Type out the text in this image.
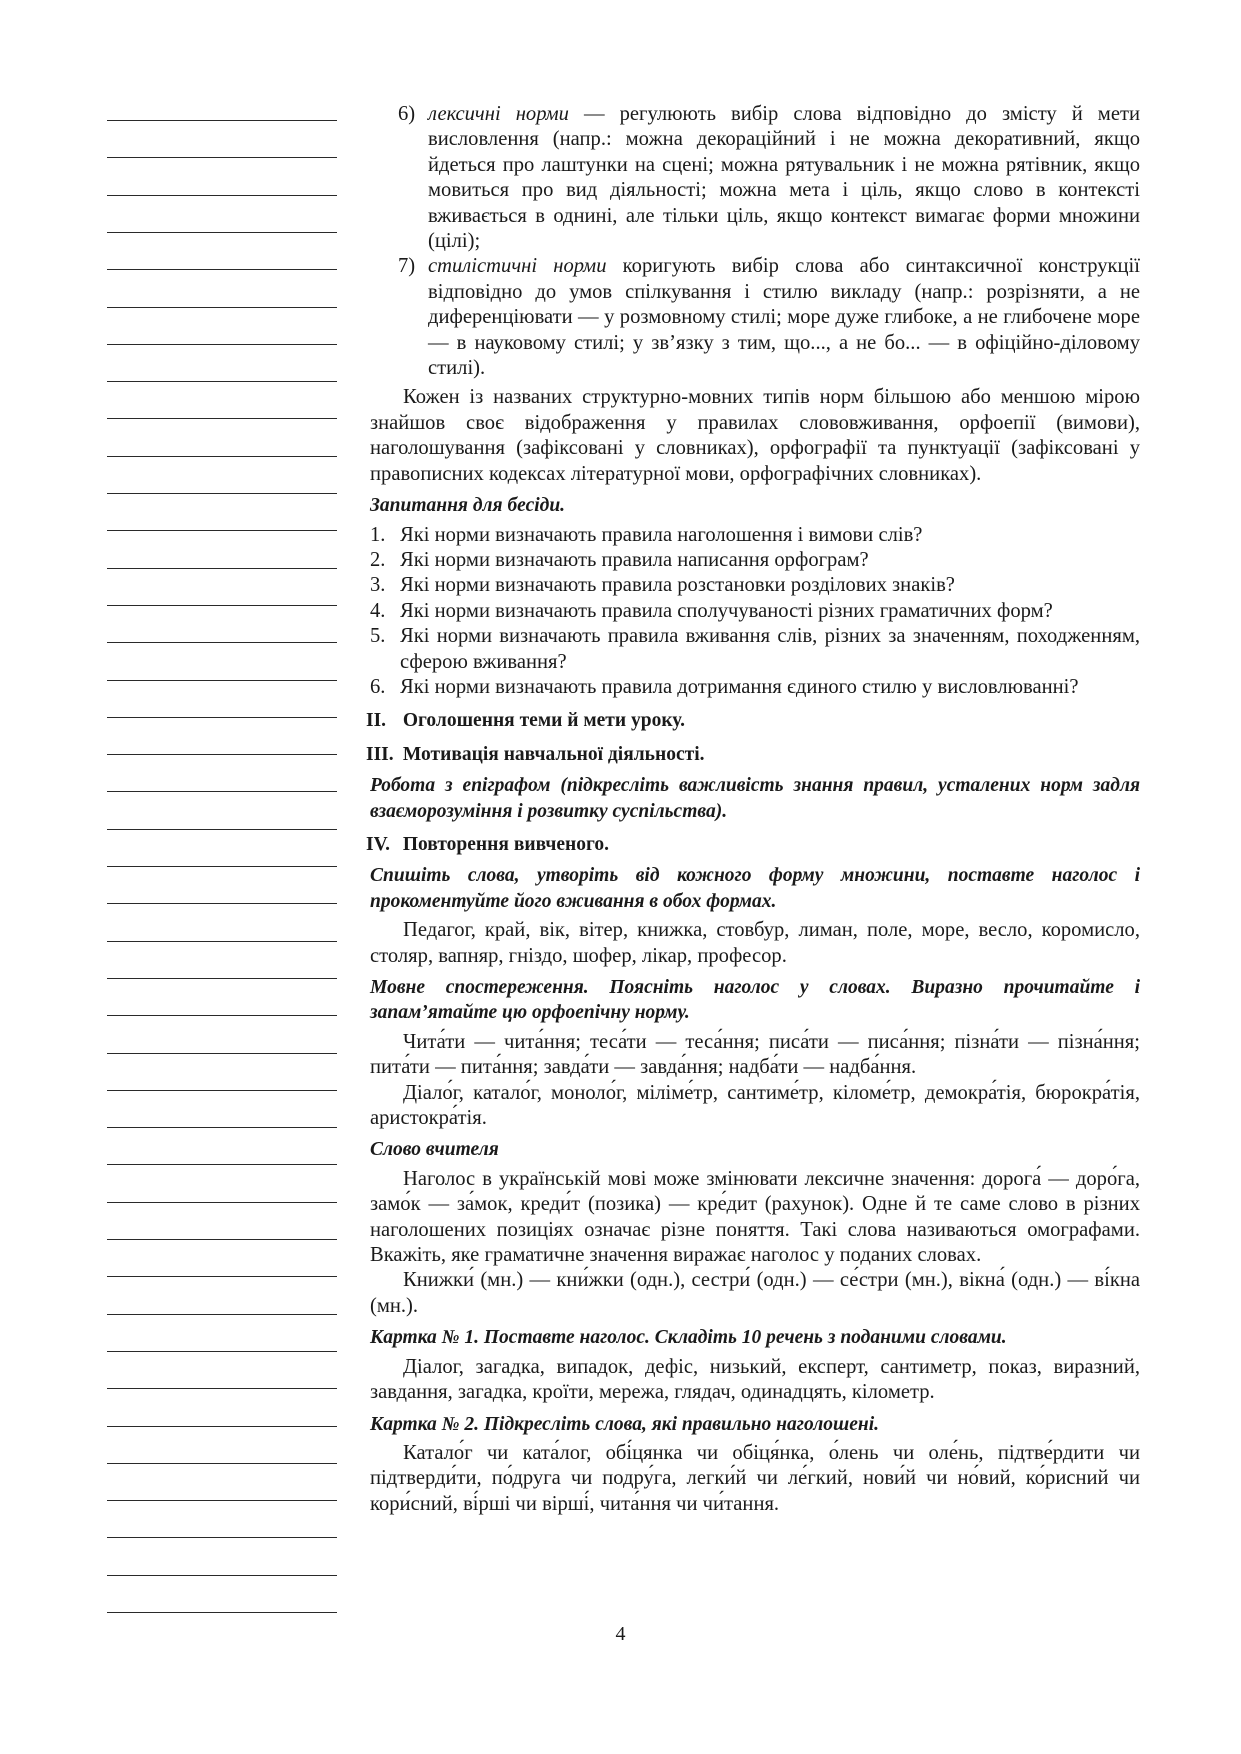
6) лексичні норми — регулюють вибір слова відповідно до змісту й мети висловлення (напр.: можна декораційний і не можна декоративний, якщо йдеться про лаштунки на сцені; можна рятувальник і не можна рятівник, якщо мовиться про вид діяльності; можна мета і ціль, якщо слово в контексті вживається в однині, але тільки ціль, якщо контекст вимагає форми множини (цілі);
7) стилістичні норми коригують вибір слова або синтаксичної конструкції відповідно до умов спілкування і стилю викладу (напр.: розрізняти, а не диференціювати — у розмовному стилі; море дуже глибоке, а не глибочене море — в науковому стилі; у зв’язку з тим, що..., а не бо... — в офіційно-діловому стилі).

Кожен із названих структурно-мовних типів норм більшою або меншою мірою знайшов своє відображення у правилах слововживання, орфоепії (вимови), наголошування (зафіксовані у словниках), орфографії та пунктуації (зафіксовані у правописних кодексах літературної мови, орфографічних словниках).

Запитання для бесіди.

1. Які норми визначають правила наголошення і вимови слів?
2. Які норми визначають правила написання орфограм?
3. Які норми визначають правила розстановки розділових знаків?
4. Які норми визначають правила сполучуваності різних граматичних форм?
5. Які норми визначають правила вживання слів, різних за значенням, походженням, сферою вживання?
6. Які норми визначають правила дотримання єдиного стилю у висловлюванні?

II. Оголошення теми й мети уроку.

III. Мотивація навчальної діяльності.

Робота з епіграфом (підкресліть важливість знання правил, усталених норм задля взаєморозуміння і розвитку суспільства).

IV. Повторення вивченого.

Спишіть слова, утворіть від кожного форму множини, поставте наголос і прокоментуйте його вживання в обох формах.

Педагог, край, вік, вітер, книжка, стовбур, лиман, поле, море, весло, коромисло, столяр, вапняр, гніздо, шофер, лікар, професор.

Мовне спостереження. Поясніть наголос у словах. Виразно прочитайте і запам’ятайте цю орфоепічну норму.

Чита́ти — чита́ння; теса́ти — теса́ння; писа́ти — писа́ння; пізна́ти — пізна́ння; пита́ти — пита́ння; завда́ти — завда́ння; надба́ти — надба́ння.

Діало́г, катало́г, моноло́г, міліме́тр, сантиме́тр, кіломе́тр, демокра́тія, бюрокра́тія, аристокра́тія.

Слово вчителя

Наголос в українській мові може змінювати лексичне значення: дорога́ — доро́га, замо́к — за́мок, креди́т (позика) — кре́дит (рахунок). Одне й те саме слово в різних наголошених позиціях означає різне поняття. Такі слова називаються омографами. Вкажіть, яке граматичне значення виражає наголос у поданих словах.

Книжки́ (мн.) — кни́жки (одн.), сестри́ (одн.) — се́стри (мн.), вікна́ (одн.) — ві́кна (мн.).

Картка № 1. Поставте наголос. Складіть 10 речень з поданими словами.

Діалог, загадка, випадок, дефіс, низький, експерт, сантиметр, показ, виразний, завдання, загадка, кроїти, мережа, глядач, одинадцять, кілометр.

Картка № 2. Підкресліть слова, які правильно наголошені.

Катало́г чи ката́лог, обі́цянка чи обіця́нка, о́лень чи оле́нь, підтве́рдити чи підтверди́ти, по́друга чи подру́га, легки́й чи ле́гкий, нови́й чи но́вий, ко́рисний чи кори́сний, ві́рші чи вірші́, чита́ння чи чи́тання.

4
